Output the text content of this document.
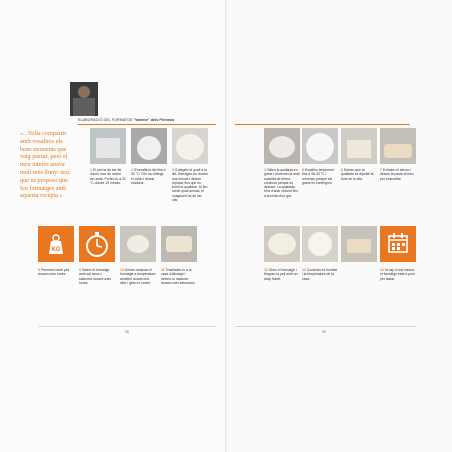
«...Volia compartir amb vosaltres els bons moments que vaig passar, però el meu interès anava molt més lluny: així que us proposo que feu formatges amb aquesta recepta.»
ELABORACIÓ DEL FORMATGE "tomme" dels Pirineus
1El pot ha de ser fet d'acer inox de volum ací aviat. Porteu-lo a 32 °C durant 15 minuts.
2S'escalfa la llet fins a 32 °C. S'hi ha d'afegir el cultiu i deixar madurar.
3S'afegeix el quall a la llet. Barregeu-ho durant uns minuts i deixeu reposar fins que es formi la quallada. Si feu servir quall animal, el coagulant ha de ser clar.
4Talleu la quallada en grans i remeneu-la amb suavitat de forma contínua perquè es desuori. La quallada s'ha d'anar reduint fins a la mida d'un gra.
5Escalfeu lentament fins a 38-40 °C i remeneu perquè els grans es contreguin.
6Deixeu que la quallada es dipositi al fons de la olla.
7Extraieu el sèrum i deixeu la pasta al fons per emmotllar.
KG
8Premsem amb pes durant unes hores.
9Salem el formatge amb sal seca o salmorra durant unes hores.
10Deixeu assecar el formatge a temperatura ambient durant uns dies i gireu-lo sovint.
11Traslladeu-lo a la cava d'afinatge i deixeu-lo madurar durant unes setmanes.
12Gireu el formatge i fregueu la pell amb un drap humit.
13Controleu la humitat i la temperatura de la cava.
14Al cap d'uns mesos, el formatge està a punt per tastar.
98	99
